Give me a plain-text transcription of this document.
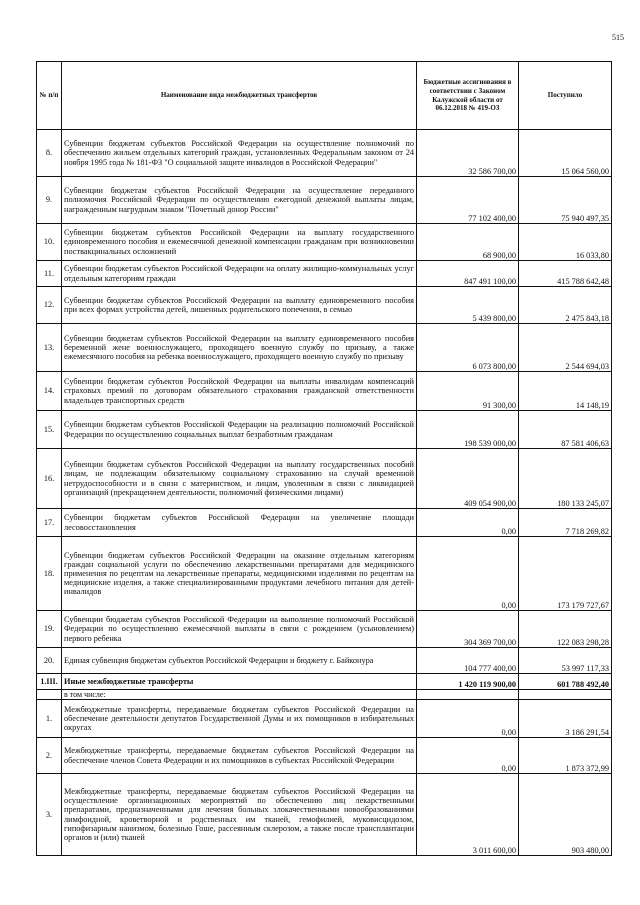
515
№ п/п	Наименование вида межбюджетных трансфертов	Бюджетные ассигнования в соответствии с Законом Калужской области от 06.12.2018 № 419-ОЗ	Поступило
8.	Субвенции бюджетам субъектов Российской Федерации на осуществление полномочий по обеспечению жильем отдельных категорий граждан, установленных Федеральным законом от 24 ноября 1995 года № 181-ФЗ "О социальной защите инвалидов в Российской Федерации"	32 586 700,00	15 064 560,00
9.	Субвенции бюджетам субъектов Российской Федерации на осуществление переданного полномочия Российской Федерации по осуществлению ежегодной денежной выплаты лицам, награжденным нагрудным знаком "Почетный донор России"	77 102 400,00	75 940 497,35
10.	Субвенции бюджетам субъектов Российской Федерации на выплату государственного единовременного пособия и ежемесячной денежной компенсации гражданам при возникновении поствакцинальных осложнений	68 900,00	16 033,80
11.	Субвенции бюджетам субъектов Российской Федерации на оплату жилищно-коммунальных услуг отдельным категориям граждан	847 491 100,00	415 788 642,48
12.	Субвенции бюджетам субъектов Российской Федерации на выплату единовременного пособия при всех формах устройства детей, лишенных родительского попечения, в семью	5 439 800,00	2 475 843,18
13.	Субвенции бюджетам субъектов Российской Федерации на выплату единовременного пособия беременной жене военнослужащего, проходящего военную службу по призыву, а также ежемесячного пособия на ребенка военнослужащего, проходящего военную службу по призыву	6 073 800,00	2 544 694,03
14.	Субвенции бюджетам субъектов Российской Федерации на выплаты инвалидам компенсаций страховых премий по договорам обязательного страхования гражданской ответственности владельцев транспортных средств	91 300,00	14 148,19
15.	Субвенции бюджетам субъектов Российской Федерации на реализацию полномочий Российской Федерации по осуществлению социальных выплат безработным гражданам	198 539 000,00	87 581 406,63
16.	Субвенции бюджетам субъектов Российской Федерации на выплату государственных пособий лицам, не подлежащим обязательному социальному страхованию на случай временной нетрудоспособности и в связи с материнством, и лицам, уволенным в связи с ликвидацией организаций (прекращением деятельности, полномочий физическими лицами)	409 054 900,00	180 133 245,07
17.	Субвенции бюджетам субъектов Российской Федерации на увеличение площади лесовосстановления	0,00	7 718 269,82
18.	Субвенции бюджетам субъектов Российской Федерации на оказание отдельным категориям граждан социальной услуги по обеспечению лекарственными препаратами для медицинского применения по рецептам на лекарственные препараты, медицинскими изделиями по рецептам на медицинские изделия, а также специализированными продуктами лечебного питания для детей-инвалидов	0,00	173 179 727,67
19.	Субвенции бюджетам субъектов Российской Федерации на выполнение полномочий Российской Федерации по осуществлению ежемесячной выплаты в связи с рождением (усыновлением) первого ребенка	304 369 700,00	122 083 298,28
20.	Единая субвенция бюджетам субъектов Российской Федерации и бюджету г. Байконура	104 777 400,00	53 997 117,33
1.III.	Иные межбюджетные трансферты	1 420 119 900,00	601 788 492,40
	в том числе:		
1.	Межбюджетные трансферты, передаваемые бюджетам субъектов Российской Федерации на обеспечение деятельности депутатов Государственной Думы и их помощников в избирательных округах	0,00	3 186 291,54
2.	Межбюджетные трансферты, передаваемые бюджетам субъектов Российской Федерации на обеспечение членов Совета Федерации и их помощников в субъектах Российской Федерации	0,00	1 873 372,99
3.	Межбюджетные трансферты, передаваемые бюджетам субъектов Российской Федерации на осуществление организационных мероприятий по обеспечению лиц лекарственными препаратами, предназначенными для лечения больных злокачественными новообразованиями лимфоидной, кроветворной и родственных им тканей, гемофилией, муковисцидозом, гипофизарным нанизмом, болезнью Гоше, рассеянным склерозом, а также после трансплантации органов и (или) тканей	3 011 600,00	903 480,00
